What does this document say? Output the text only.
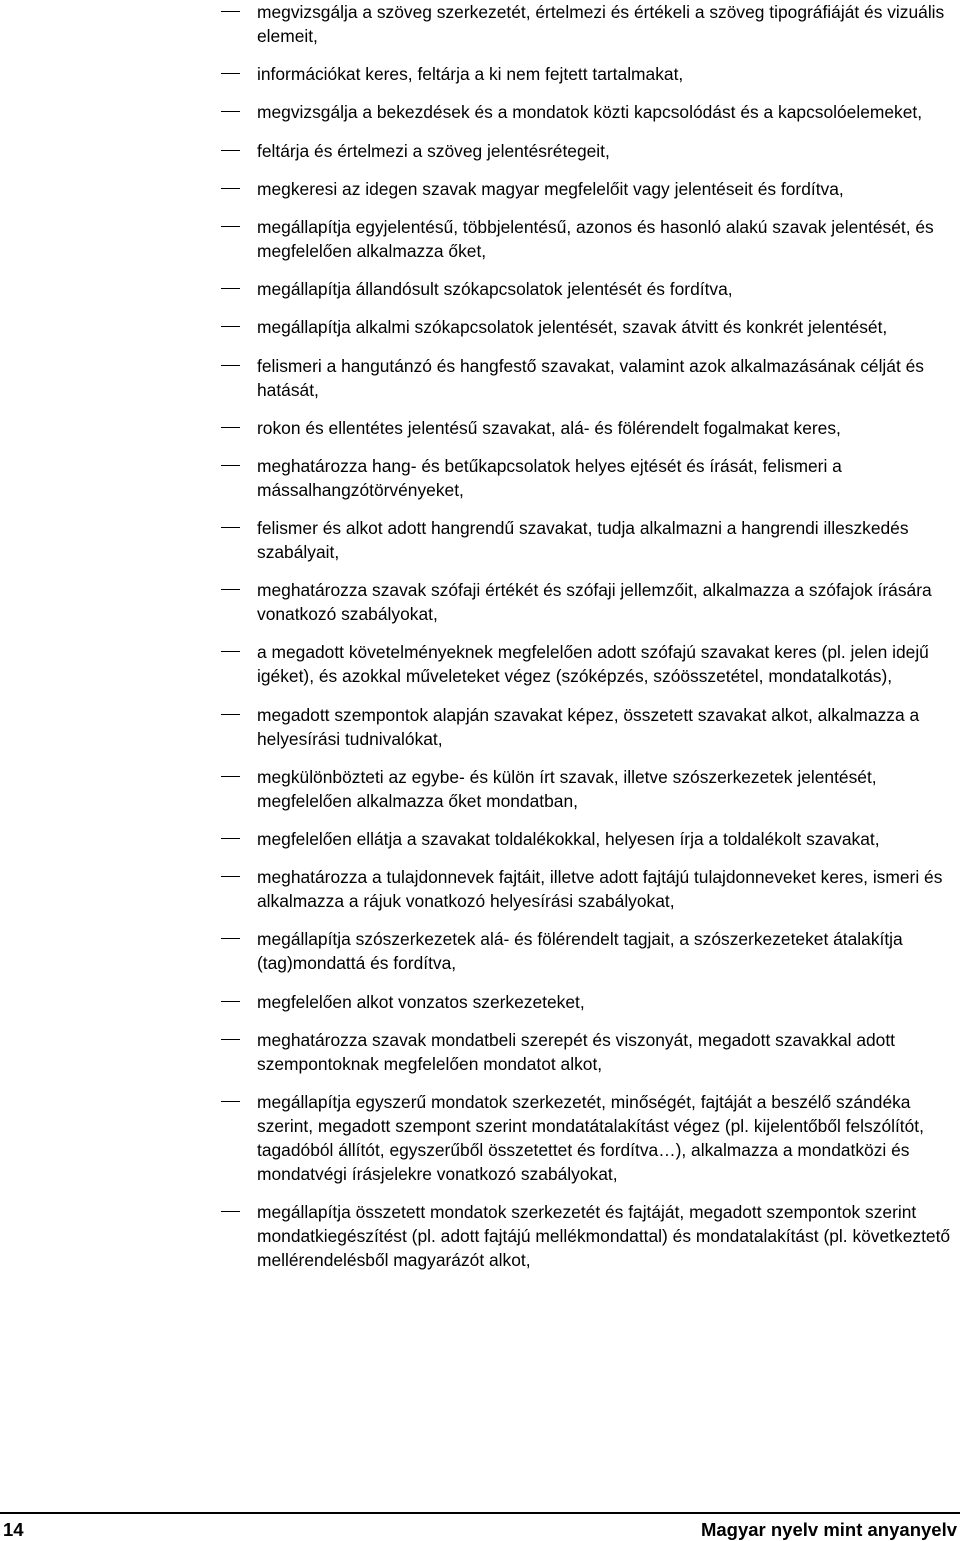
megvizsgálja a szöveg szerkezetét, értelmezi és értékeli a szöveg tipográfiáját és vizuális elemeit,
információkat keres, feltárja a ki nem fejtett tartalmakat,
megvizsgálja a bekezdések és a mondatok közti kapcsolódást és a kapcsolóelemeket,
feltárja és értelmezi a szöveg jelentésrétegeit,
megkeresi az idegen szavak magyar megfelelőit vagy jelentéseit és fordítva,
megállapítja egyjelentésű, többjelentésű, azonos és hasonló alakú szavak jelentését, és megfelelően alkalmazza őket,
megállapítja állandósult szókapcsolatok jelentését és fordítva,
megállapítja alkalmi szókapcsolatok jelentését, szavak átvitt és konkrét jelentését,
felismeri a hangutánzó és hangfestő szavakat, valamint azok alkalmazásának célját és hatását,
rokon és ellentétes jelentésű szavakat, alá- és fölérendelt fogalmakat keres,
meghatározza hang- és betűkapcsolatok helyes ejtését és írását, felismeri a mássalhangzótörvényeket,
felismer és alkot adott hangrendű szavakat, tudja alkalmazni a hangrendi illeszkedés szabályait,
meghatározza szavak szófaji értékét és szófaji jellemzőit, alkalmazza a szófajok írására vonatkozó szabályokat,
a megadott követelményeknek megfelelően adott szófajú szavakat keres (pl. jelen idejű igéket), és azokkal műveleteket végez (szóképzés, szóösszetétel, mondatalkotás),
megadott szempontok alapján szavakat képez, összetett szavakat alkot, alkalmazza a helyesírási tudnivalókat,
megkülönbözteti az egybe- és külön írt szavak, illetve szószerkezetek jelentését, megfelelően alkalmazza őket mondatban,
megfelelően ellátja a szavakat toldalékokkal, helyesen írja a toldalékolt szavakat,
meghatározza a tulajdonnevek fajtáit, illetve adott fajtájú tulajdonneveket keres, ismeri és alkalmazza a rájuk vonatkozó helyesírási szabályokat,
megállapítja szószerkezetek alá- és fölérendelt tagjait, a szószerkezeteket átalakítja (tag)mondattá és fordítva,
megfelelően alkot vonzatos szerkezeteket,
meghatározza szavak mondatbeli szerepét és viszonyát, megadott szavakkal adott szempontoknak megfelelően mondatot alkot,
megállapítja egyszerű mondatok szerkezetét, minőségét, fajtáját a beszélő szándéka szerint, megadott szempont szerint mondatátalakítást végez (pl. kijelentőből felszólítót, tagadóból állítót, egyszerűből összetettet és fordítva…), alkalmazza a mondatközi és mondatvégi írásjelekre vonatkozó szabályokat,
megállapítja összetett mondatok szerkezetét és fajtáját, megadott szempontok szerint mondatkiegészítést (pl. adott fajtájú mellékmondattal) és mondatalakítást (pl. következtető mellérendelésből magyarázót alkot,
14	Magyar nyelv mint anyanyelv
